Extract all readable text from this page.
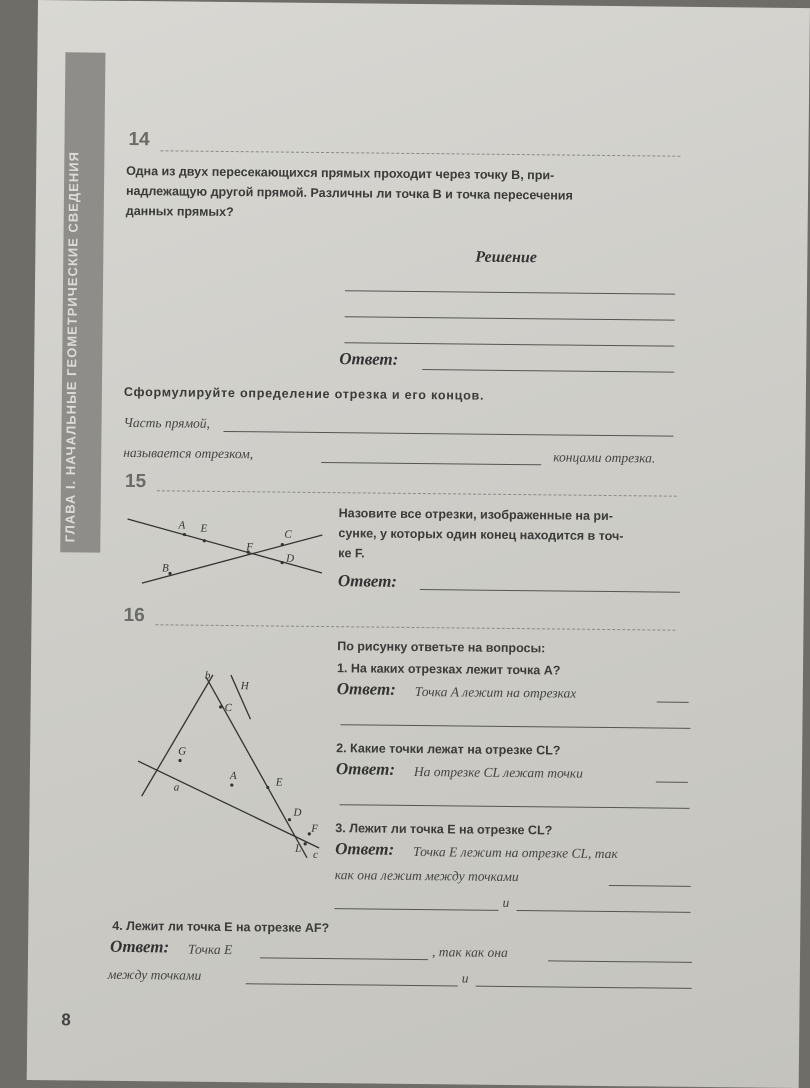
ГЛАВА I. НАЧАЛЬНЫЕ ГЕОМЕТРИЧЕСКИЕ СВЕДЕНИЯ
14
Одна из двух пересекающихся прямых проходит через точку B, при-
надлежащую другой прямой. Различны ли точка B и точка пересечения
данных прямых?
Решение
Ответ:
Сформулируйте определение отрезка и его концов.
Часть прямой,
называется отрезком,	концами отрезка.
15
A E	C
F
D
B
Назовите все отрезки, изображенные на ри-
сунке, у которых один конец находится в точ-
ке F.
Ответ:
16
b
H
C
G
A
E
a
D
F
L
c
По рисунку ответьте на вопросы:
1. На каких отрезках лежит точка A?
Ответ: Точка A лежит на отрезках
2. Какие точки лежат на отрезке CL?
Ответ: На отрезке CL лежат точки
3. Лежит ли точка E на отрезке CL?
Ответ: Точка E лежит на отрезке CL, так
как она лежит между точками
и
4. Лежит ли точка E на отрезке AF?
Ответ: Точка E	, так как она
между точками	и
8
